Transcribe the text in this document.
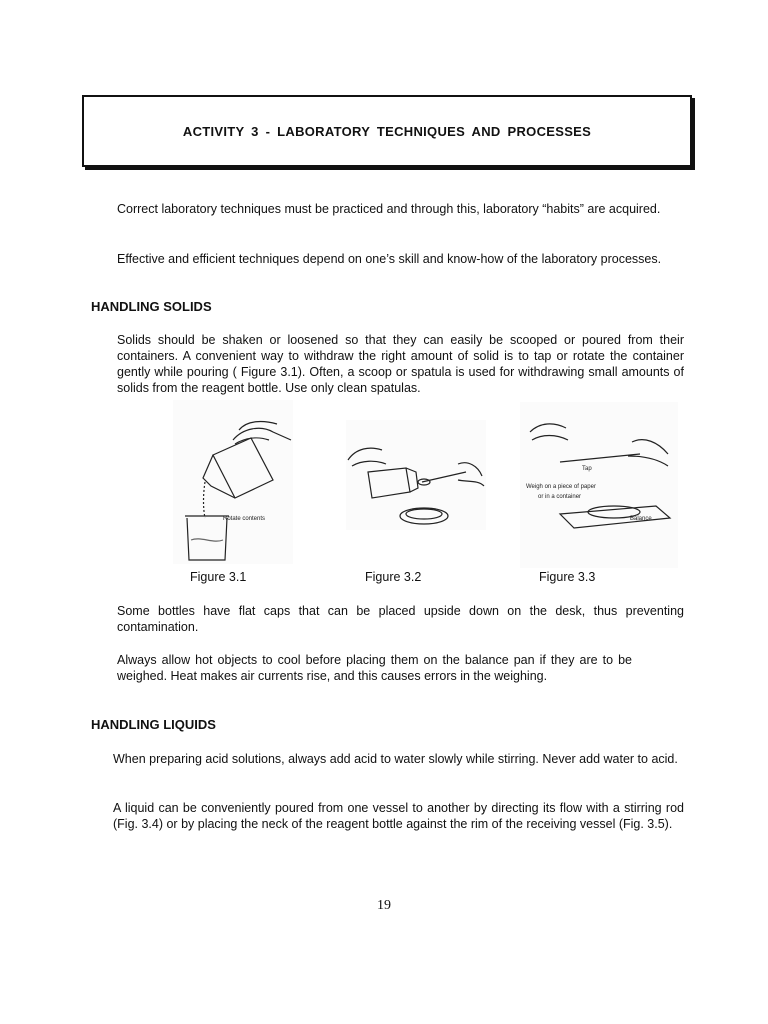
ACTIVITY 3 - LABORATORY TECHNIQUES AND PROCESSES

Correct laboratory techniques must be practiced and through this, laboratory “habits” are acquired.

Effective and efficient techniques depend on one’s skill and know-how of the laboratory processes.

HANDLING SOLIDS

Solids should be shaken or loosened so that they can easily be scooped or poured from their containers. A convenient way to withdraw the right amount of solid is to tap or rotate the container gently while pouring ( Figure 3.1). Often, a scoop or spatula is used for withdrawing small amounts of solids from the reagent bottle. Use only clean spatulas.

Rotate contents
Figure 3.1	Figure 3.2
Tap
Weigh on a piece of paper
or in a container
Balance
Figure 3.3

Some bottles have flat caps that can be placed upside down on the desk, thus preventing contamination.

Always allow hot objects to cool before placing them on the balance pan if they are to be weighed. Heat makes air currents rise, and this causes errors in the weighing.

HANDLING LIQUIDS

When preparing acid solutions, always add acid to water slowly while stirring. Never add water to acid.

A liquid can be conveniently poured from one vessel to another by directing its flow with a stirring rod (Fig. 3.4) or by placing the neck of the reagent bottle against the rim of the receiving vessel (Fig. 3.5).

19
